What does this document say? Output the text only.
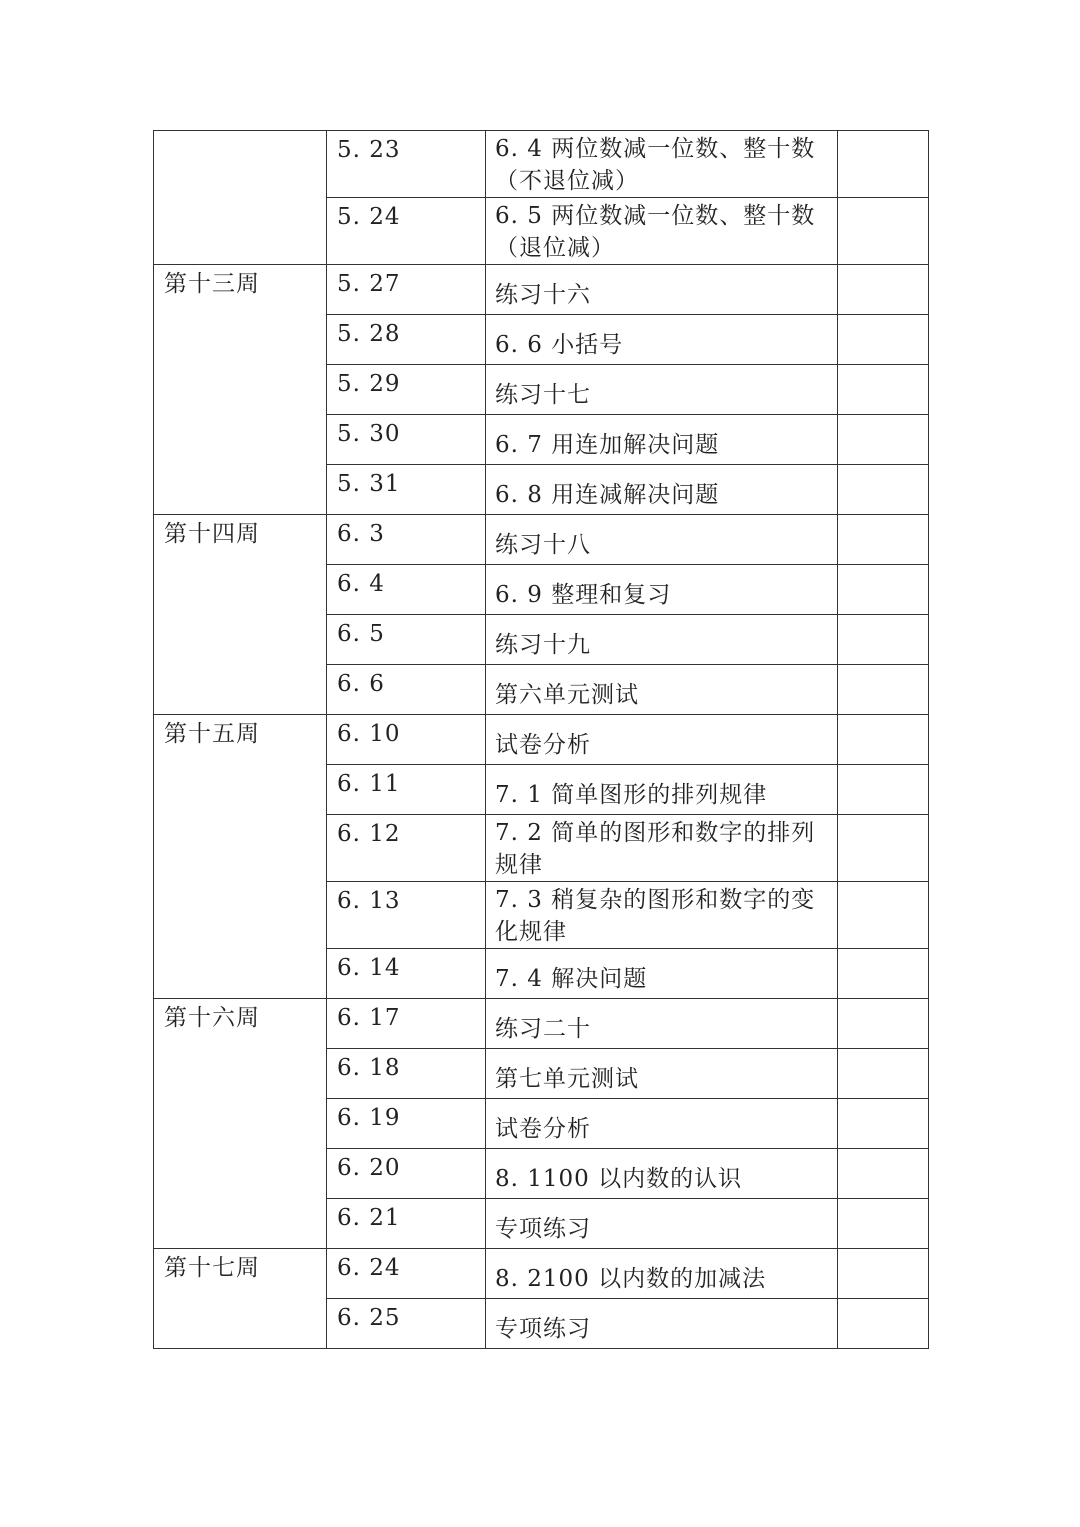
	5. 23	6. 4 两位数减一位数、整十数（不退位减）	
	5. 24	6. 5 两位数减一位数、整十数（退位减）	
第十三周	5. 27	练习十六	
	5. 28	6. 6 小括号	
	5. 29	练习十七	
	5. 30	6. 7 用连加解决问题	
	5. 31	6. 8 用连减解决问题	
第十四周	6. 3	练习十八	
	6. 4	6. 9 整理和复习	
	6. 5	练习十九	
	6. 6	第六单元测试	
第十五周	6. 10	试卷分析	
	6. 11	7. 1 简单图形的排列规律	
	6. 12	7. 2 简单的图形和数字的排列规律	
	6. 13	7. 3 稍复杂的图形和数字的变化规律	
	6. 14	7. 4 解决问题	
第十六周	6. 17	练习二十	
	6. 18	第七单元测试	
	6. 19	试卷分析	
	6. 20	8. 1100 以内数的认识	
	6. 21	专项练习	
第十七周	6. 24	8. 2100 以内数的加减法	
	6. 25	专项练习	
